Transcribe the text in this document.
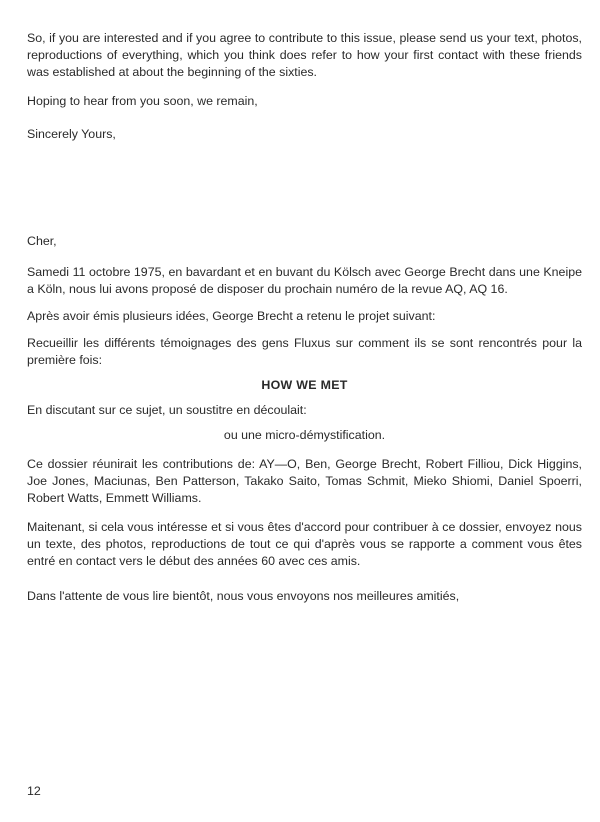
So, if you are interested and if you agree to contribute to this issue, please send us your text, photos, reproductions of everything, which you think does refer to how your first contact with these friends was established at about the beginning of the sixties.

Hoping to hear from you soon, we remain,

Sincerely Yours,

Cher,

Samedi 11 octobre 1975, en bavardant et en buvant du Kölsch avec George Brecht dans une Kneipe a Köln, nous lui avons proposé de disposer du prochain numéro de la revue AQ, AQ 16.

Après avoir émis plusieurs idées, George Brecht a retenu le projet suivant:

Recueillir les différents témoignages des gens Fluxus sur comment ils se sont rencontrés pour la première fois:

HOW WE MET

En discutant sur ce sujet, un soustitre en découlait:

ou une micro-démystification.

Ce dossier réunirait les contributions de: AY—O, Ben, George Brecht, Robert Filliou, Dick Higgins, Joe Jones, Maciunas, Ben Patterson, Takako Saito, Tomas Schmit, Mieko Shiomi, Daniel Spoerri, Robert Watts, Emmett Williams.

Maitenant, si cela vous intéresse et si vous êtes d'accord pour contribuer à ce dossier, envoyez nous un texte, des photos, reproductions de tout ce qui d'après vous se rapporte a comment vous êtes entré en contact vers le début des années 60 avec ces amis.

Dans l'attente de vous lire bientôt, nous vous envoyons nos meilleures amitiés,

12
